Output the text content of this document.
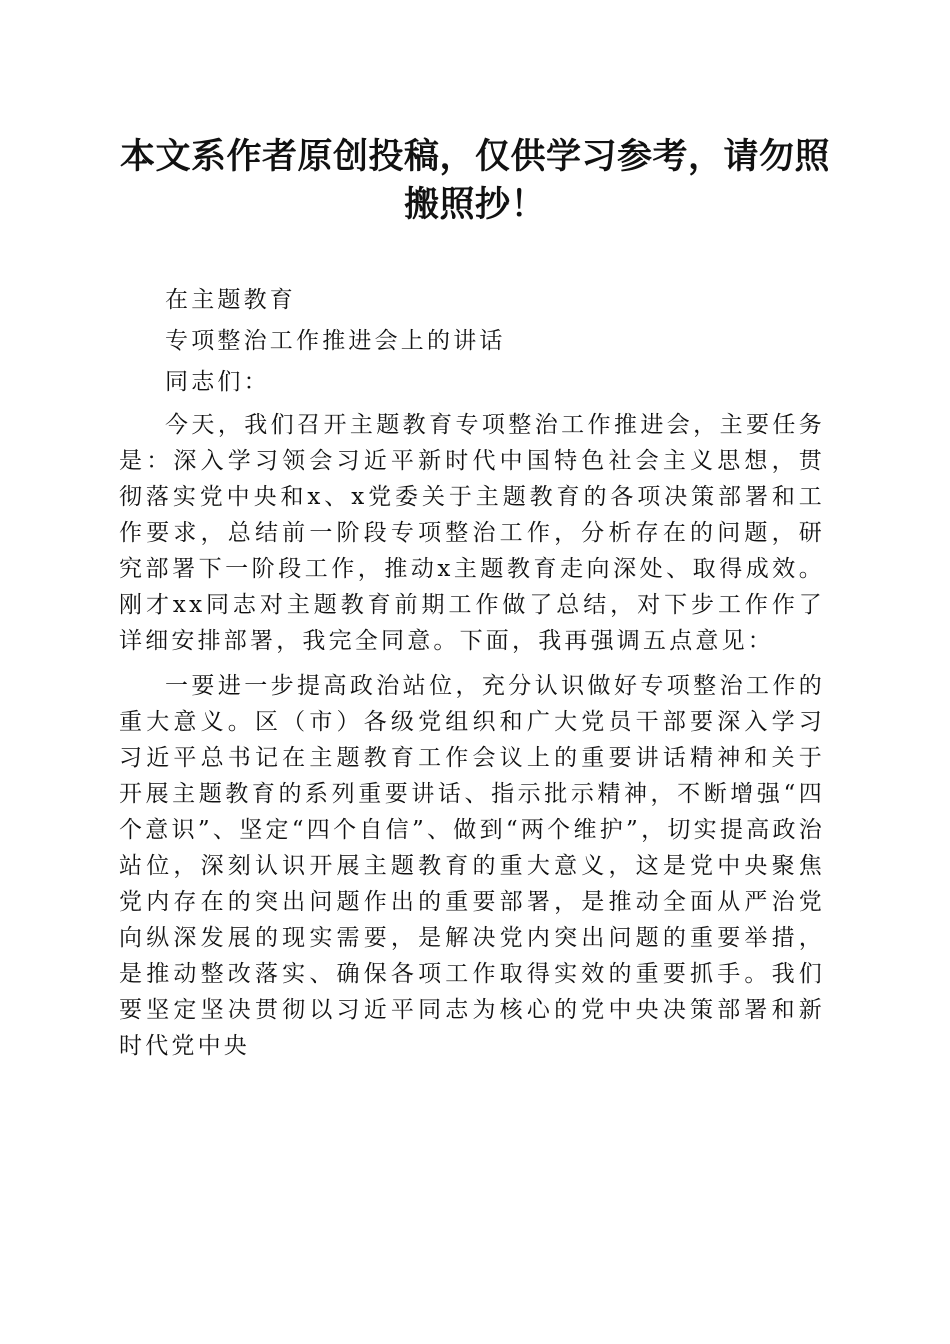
本文系作者原创投稿，仅供学习参考，请勿照搬照抄！

在主题教育

专项整治工作推进会上的讲话

同志们：

今天，我们召开主题教育专项整治工作推进会，主要任务是：深入学习领会习近平新时代中国特色社会主义思想，贯彻落实党中央和x、x党委关于主题教育的各项决策部署和工作要求，总结前一阶段专项整治工作，分析存在的问题，研究部署下一阶段工作，推动x主题教育走向深处、取得成效。刚才xx同志对主题教育前期工作做了总结，对下步工作作了详细安排部署，我完全同意。下面，我再强调五点意见：

一要进一步提高政治站位，充分认识做好专项整治工作的重大意义。区（市）各级党组织和广大党员干部要深入学习习近平总书记在主题教育工作会议上的重要讲话精神和关于开展主题教育的系列重要讲话、指示批示精神，不断增强“四个意识”、坚定“四个自信”、做到“两个维护”，切实提高政治站位，深刻认识开展主题教育的重大意义，这是党中央聚焦党内存在的突出问题作出的重要部署，是推动全面从严治党向纵深发展的现实需要，是解决党内突出问题的重要举措，是推动整改落实、确保各项工作取得实效的重要抓手。我们要坚定坚决贯彻以习近平同志为核心的党中央决策部署和新时代党中央
